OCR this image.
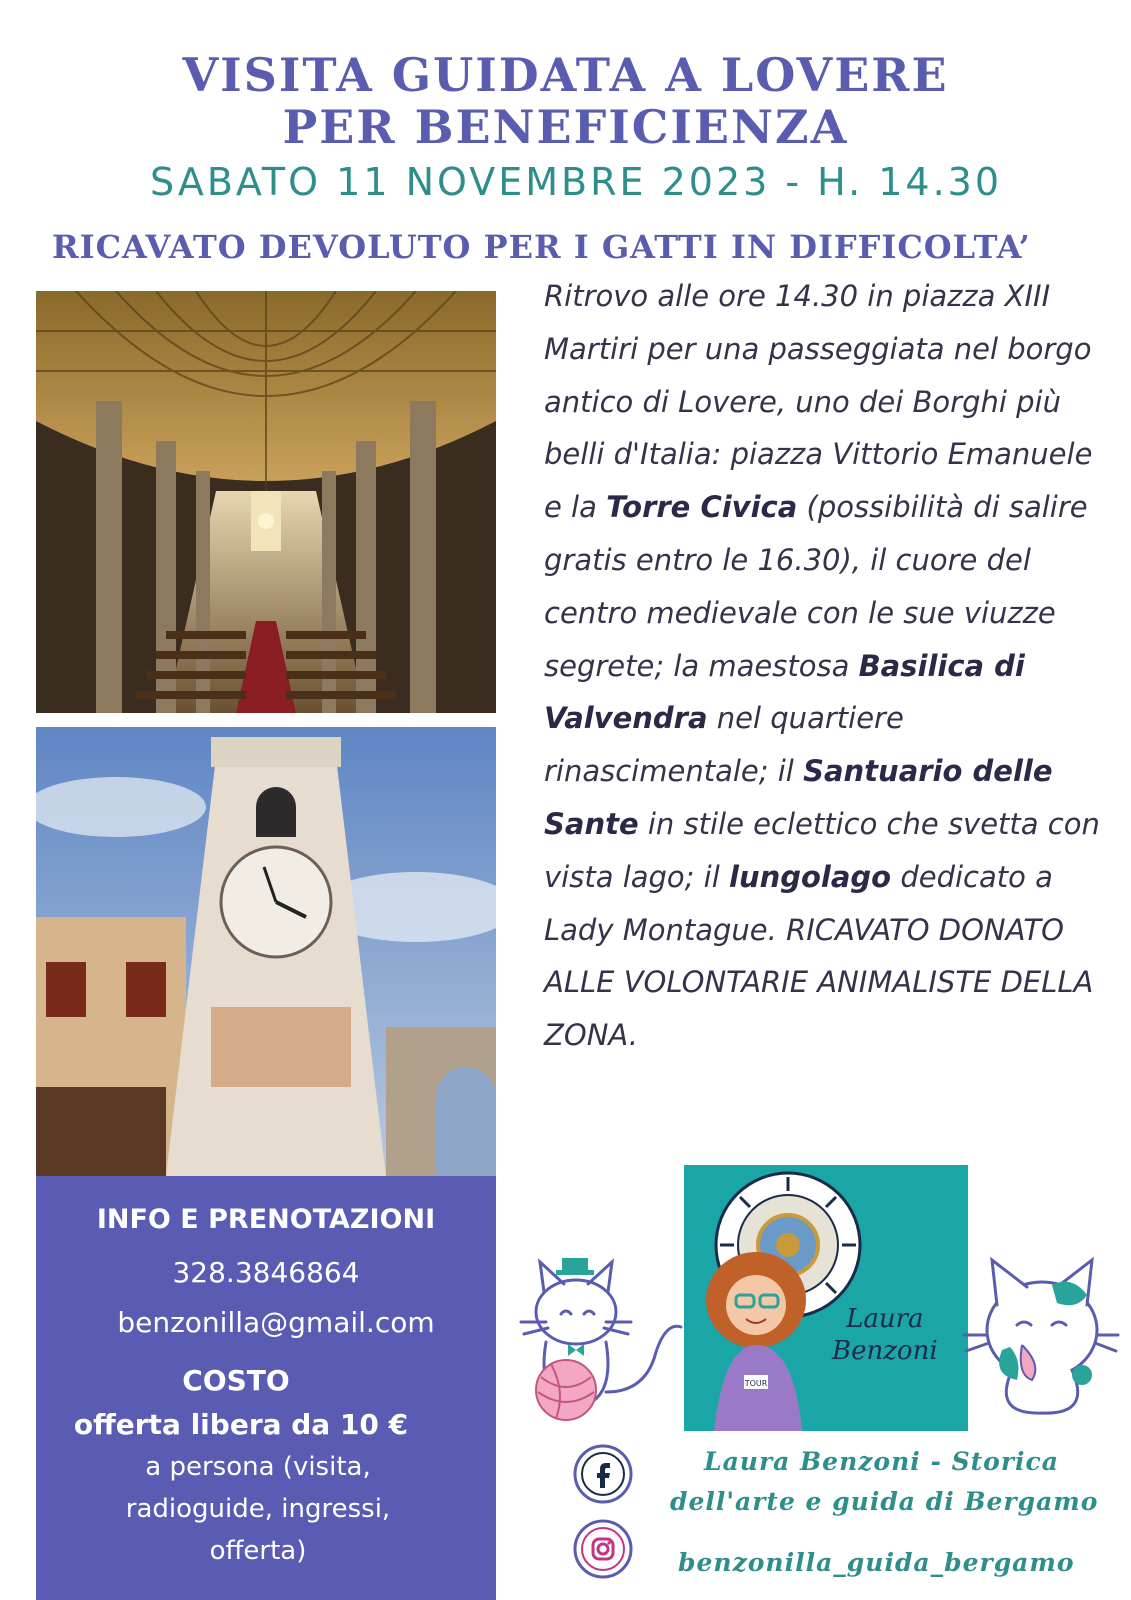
VISITA GUIDATA A LOVERE
PER BENEFICIENZA
SABATO 11 NOVEMBRE 2023 - H. 14.30
RICAVATO DEVOLUTO PER I GATTI IN DIFFICOLTA’
Ritrovo alle ore 14.30 in piazza XIII Martiri per una passeggiata nel borgo antico di Lovere, uno dei Borghi più belli d'Italia: piazza Vittorio Emanuele e la Torre Civica (possibilità di salire gratis entro le 16.30), il cuore del centro medievale con le sue viuzze segrete; la maestosa Basilica di Valvendra nel quartiere rinascimentale; il Santuario delle Sante in stile eclettico che svetta con vista lago; il lungolago dedicato a Lady Montague. RICAVATO DONATO ALLE VOLONTARIE ANIMALISTE DELLA ZONA.
INFO E PRENOTAZIONI
328.3846864
benzonilla@gmail.com
COSTO
offerta libera da 10 €
a persona (visita,
radioguide, ingressi,
offerta)
TOUR
Laura
Benzoni
Laura Benzoni - Storica
dell'arte e guida di Bergamo
benzonilla_guida_bergamo
